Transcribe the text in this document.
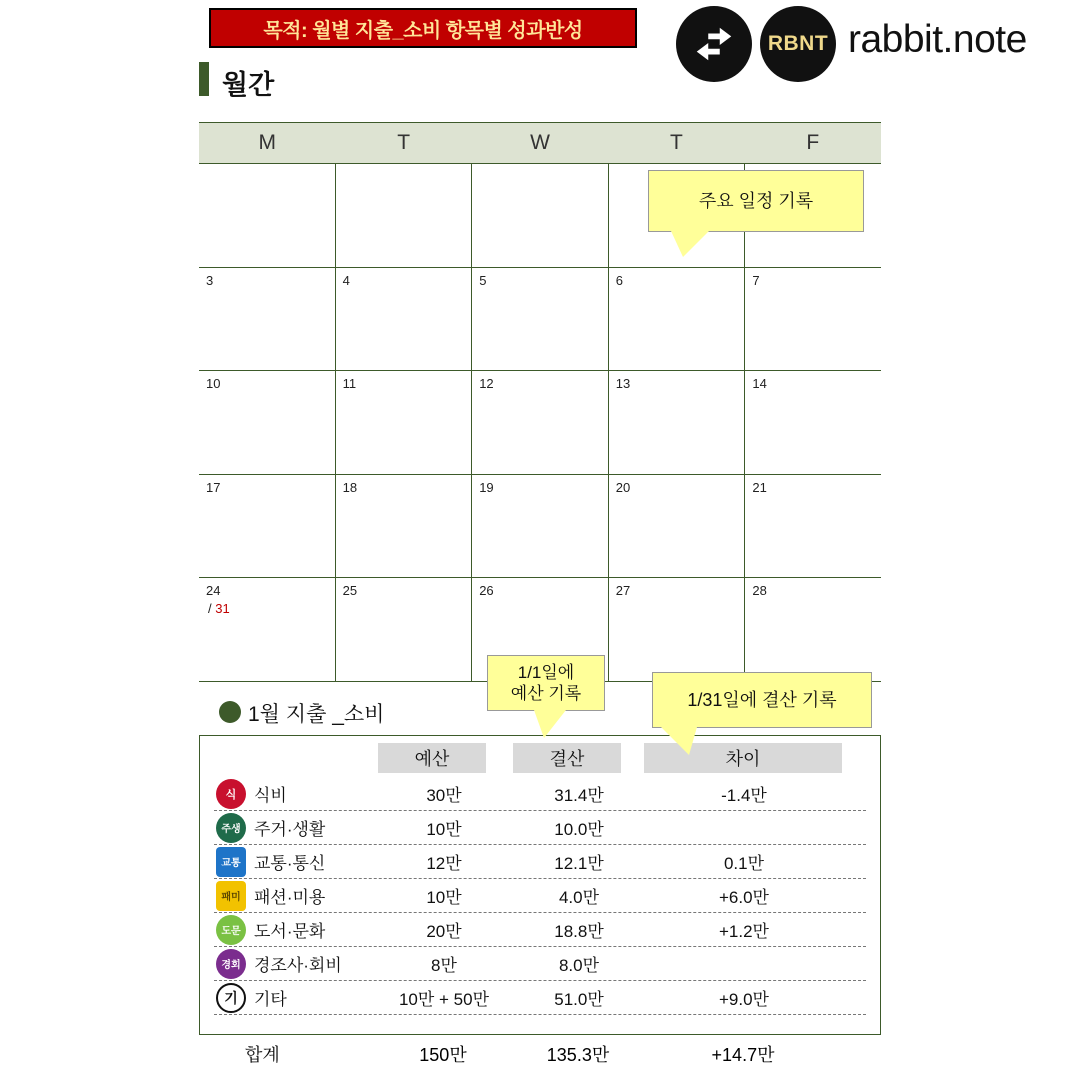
목적: 월별 지출_소비 항목별 성과반성
RBNT rabbit.note
월간
M	T	W	T	F
3	4	5	6	7
10	11	12	13	14
17	18	19	20	21
24
/ 31
25	26	27	28
주요 일정 기록
1/1일에
예산 기록	1/31일에 결산 기록
1월 지출 _소비
예산	결산	차이
식	식비	30만	31.4만	-1.4만
주생 주거·생활	10만	10.0만
교통 교통·통신	12만	12.1만	0.1만
패미 패션·미용	10만	4.0만	+6.0만
도문 도서·문화	20만	18.8만	+1.2만
경회 경조사·회비	8만	8.0만
기 기타	10만 + 50만	51.0만	+9.0만
합계	150만	135.3만	+14.7만
